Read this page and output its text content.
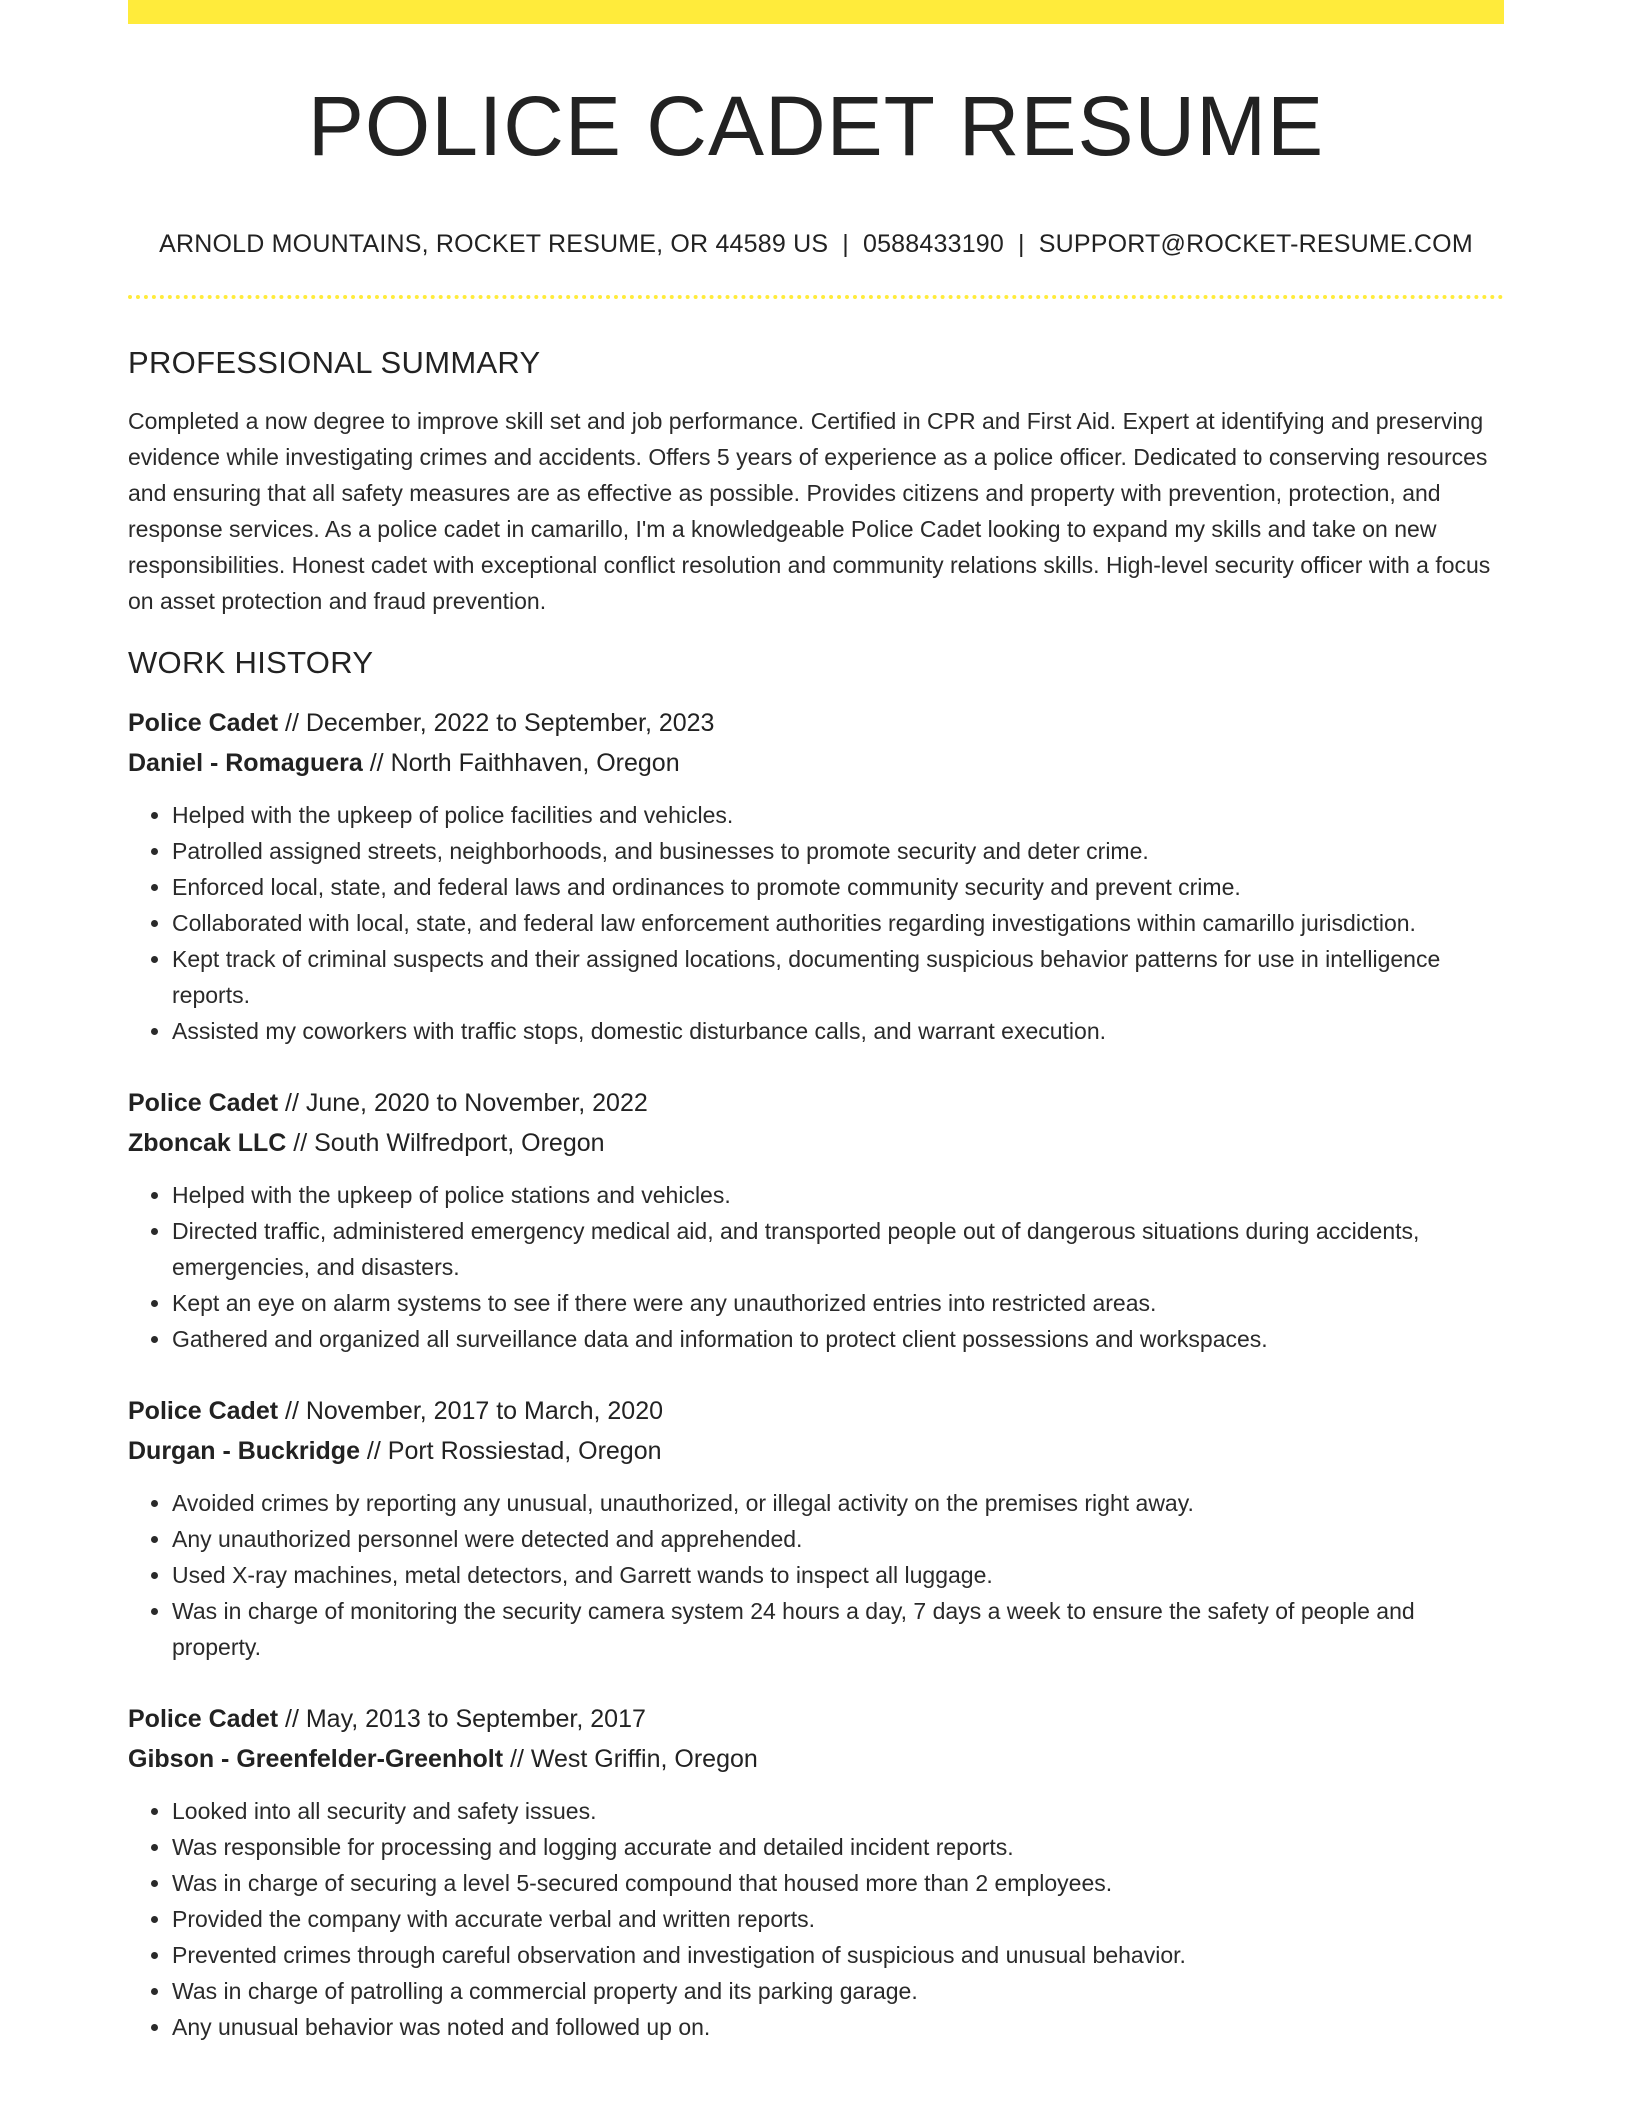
POLICE CADET RESUME
ARNOLD MOUNTAINS, ROCKET RESUME, OR 44589 US | 0588433190 | SUPPORT@ROCKET-RESUME.COM
PROFESSIONAL SUMMARY

Completed a now degree to improve skill set and job performance. Certified in CPR and First Aid. Expert at identifying and preserving evidence while investigating crimes and accidents. Offers 5 years of experience as a police officer. Dedicated to conserving resources and ensuring that all safety measures are as effective as possible. Provides citizens and property with prevention, protection, and response services. As a police cadet in camarillo, I'm a knowledgeable Police Cadet looking to expand my skills and take on new responsibilities. Honest cadet with exceptional conflict resolution and community relations skills. High-level security officer with a focus on asset protection and fraud prevention.

WORK HISTORY
Police Cadet // December, 2022 to September, 2023
Daniel - Romaguera // North Faithhaven, Oregon
• Helped with the upkeep of police facilities and vehicles.
• Patrolled assigned streets, neighborhoods, and businesses to promote security and deter crime.
• Enforced local, state, and federal laws and ordinances to promote community security and prevent crime.
• Collaborated with local, state, and federal law enforcement authorities regarding investigations within camarillo jurisdiction.
• Kept track of criminal suspects and their assigned locations, documenting suspicious behavior patterns for use in intelligence reports.
• Assisted my coworkers with traffic stops, domestic disturbance calls, and warrant execution.
Police Cadet // June, 2020 to November, 2022
Zboncak LLC // South Wilfredport, Oregon
• Helped with the upkeep of police stations and vehicles.
• Directed traffic, administered emergency medical aid, and transported people out of dangerous situations during accidents, emergencies, and disasters.
• Kept an eye on alarm systems to see if there were any unauthorized entries into restricted areas.
• Gathered and organized all surveillance data and information to protect client possessions and workspaces.
Police Cadet // November, 2017 to March, 2020
Durgan - Buckridge // Port Rossiestad, Oregon
• Avoided crimes by reporting any unusual, unauthorized, or illegal activity on the premises right away.
• Any unauthorized personnel were detected and apprehended.
• Used X-ray machines, metal detectors, and Garrett wands to inspect all luggage.
• Was in charge of monitoring the security camera system 24 hours a day, 7 days a week to ensure the safety of people and property.
Police Cadet // May, 2013 to September, 2017
Gibson - Greenfelder-Greenholt // West Griffin, Oregon
• Looked into all security and safety issues.
• Was responsible for processing and logging accurate and detailed incident reports.
• Was in charge of securing a level 5-secured compound that housed more than 2 employees.
• Provided the company with accurate verbal and written reports.
• Prevented crimes through careful observation and investigation of suspicious and unusual behavior.
• Was in charge of patrolling a commercial property and its parking garage.
• Any unusual behavior was noted and followed up on.
